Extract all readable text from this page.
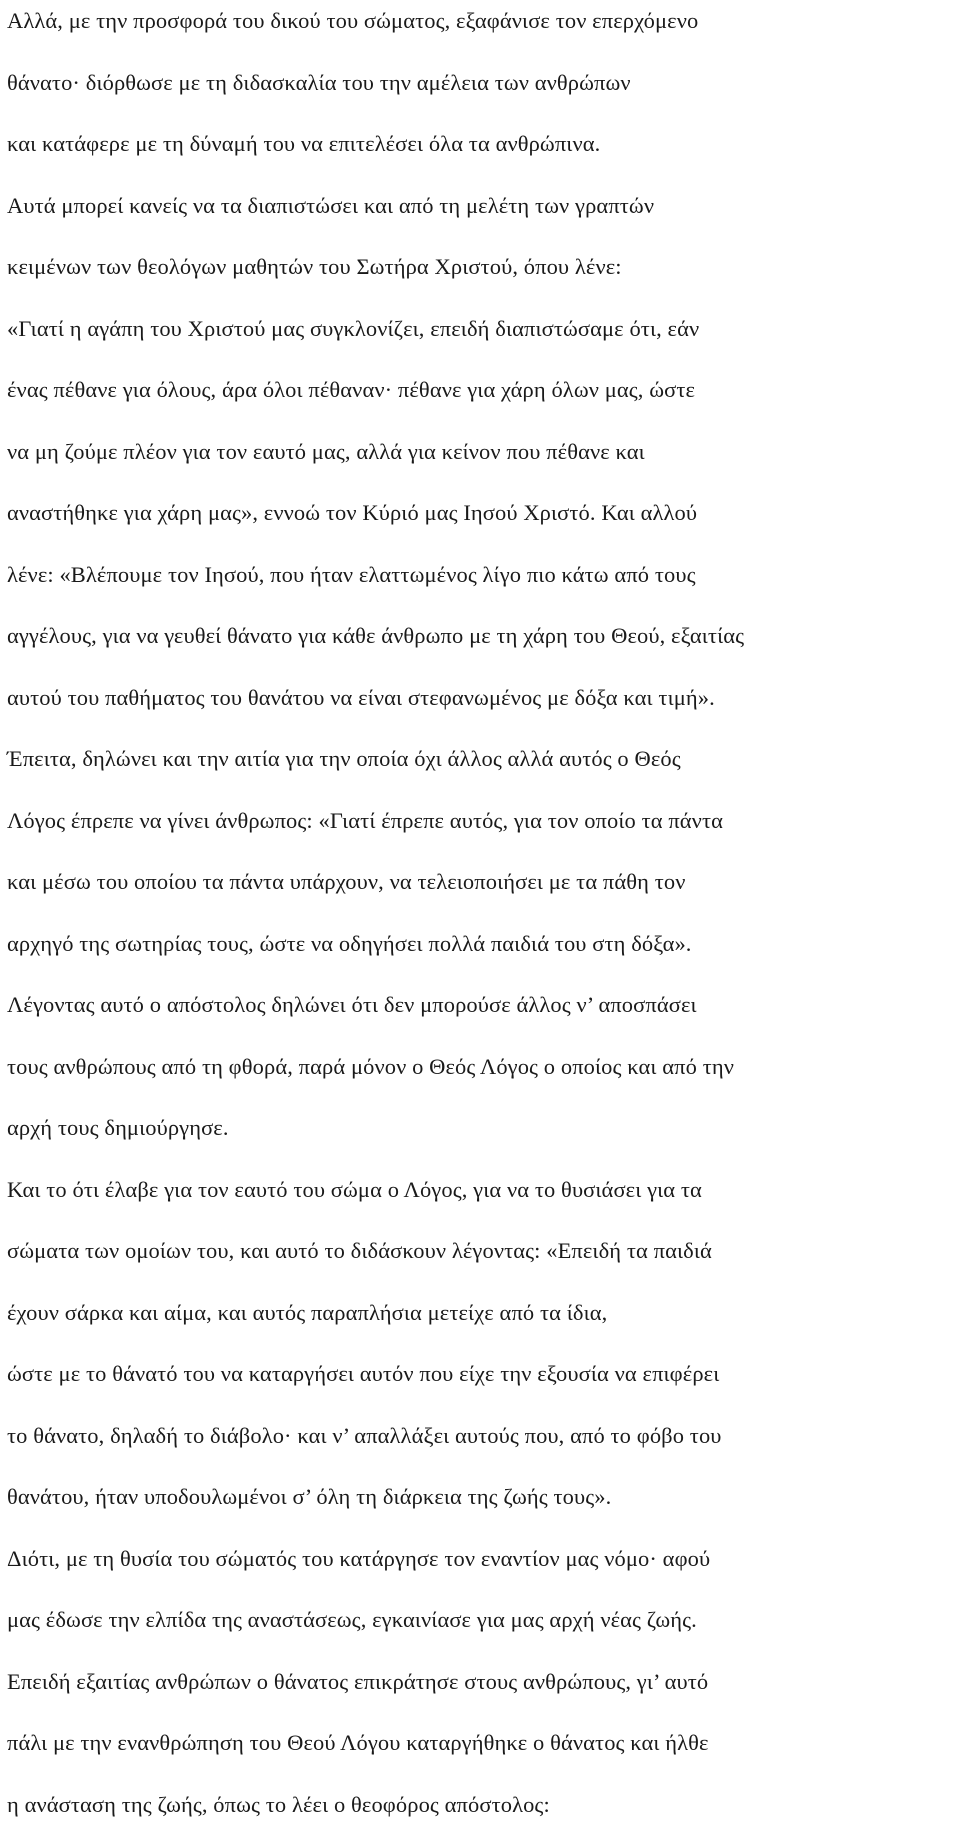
Αλλά, με την προσφορά του δικού του σώματος, εξαφάνισε τον επερχόμενο
θάνατο· διόρθωσε με τη διδασκαλία του την αμέλεια των ανθρώπων
και κατάφερε με τη δύναμή του να επιτελέσει όλα τα ανθρώπινα.
Αυτά μπορεί κανείς να τα διαπιστώσει και από τη μελέτη των γραπτών
κειμένων των θεολόγων μαθητών του Σωτήρα Χριστού, όπου λένε:
«Γιατί η αγάπη του Χριστού μας συγκλονίζει, επειδή διαπιστώσαμε ότι, εάν
ένας πέθανε για όλους, άρα όλοι πέθαναν· πέθανε για χάρη όλων μας, ώστε
να μη ζούμε πλέον για τον εαυτό μας, αλλά για κείνον που πέθανε και
αναστήθηκε για χάρη μας», εννοώ τον Κύριό μας Ιησού Χριστό. Και αλλού
λένε: «Βλέπουμε τον Ιησού, που ήταν ελαττωμένος λίγο πιο κάτω από τους
αγγέλους, για να γευθεί θάνατο για κάθε άνθρωπο με τη χάρη του Θεού, εξαιτίας
αυτού του παθήματος του θανάτου να είναι στεφανωμένος με δόξα και τιμή».
Έπειτα, δηλώνει και την αιτία για την οποία όχι άλλος αλλά αυτός ο Θεός
Λόγος έπρεπε να γίνει άνθρωπος: «Γιατί έπρεπε αυτός, για τον οποίο τα πάντα
και μέσω του οποίου τα πάντα υπάρχουν, να τελειοποιήσει με τα πάθη τον
αρχηγό της σωτηρίας τους, ώστε να οδηγήσει πολλά παιδιά του στη δόξα».
Λέγοντας αυτό ο απόστολος δηλώνει ότι δεν μπορούσε άλλος ν’ αποσπάσει
τους ανθρώπους από τη φθορά, παρά μόνον ο Θεός Λόγος ο οποίος και από την
αρχή τους δημιούργησε.
Και το ότι έλαβε για τον εαυτό του σώμα ο Λόγος, για να το θυσιάσει για τα
σώματα των ομοίων του, και αυτό το διδάσκουν λέγοντας: «Επειδή τα παιδιά
έχουν σάρκα και αίμα, και αυτός παραπλήσια μετείχε από τα ίδια,
ώστε με το θάνατό του να καταργήσει αυτόν που είχε την εξουσία να επιφέρει
το θάνατο, δηλαδή το διάβολο· και ν’ απαλλάξει αυτούς που, από το φόβο του
θανάτου, ήταν υποδουλωμένοι σ’ όλη τη διάρκεια της ζωής τους».
Διότι, με τη θυσία του σώματός του κατάργησε τον εναντίον μας νόμο· αφού
μας έδωσε την ελπίδα της αναστάσεως, εγκαινίασε για μας αρχή νέας ζωής.
Επειδή εξαιτίας ανθρώπων ο θάνατος επικράτησε στους ανθρώπους, γι’ αυτό
πάλι με την ενανθρώπηση του Θεού Λόγου καταργήθηκε ο θάνατος και ήλθε
η ανάσταση της ζωής, όπως το λέει ο θεοφόρος απόστολος:
